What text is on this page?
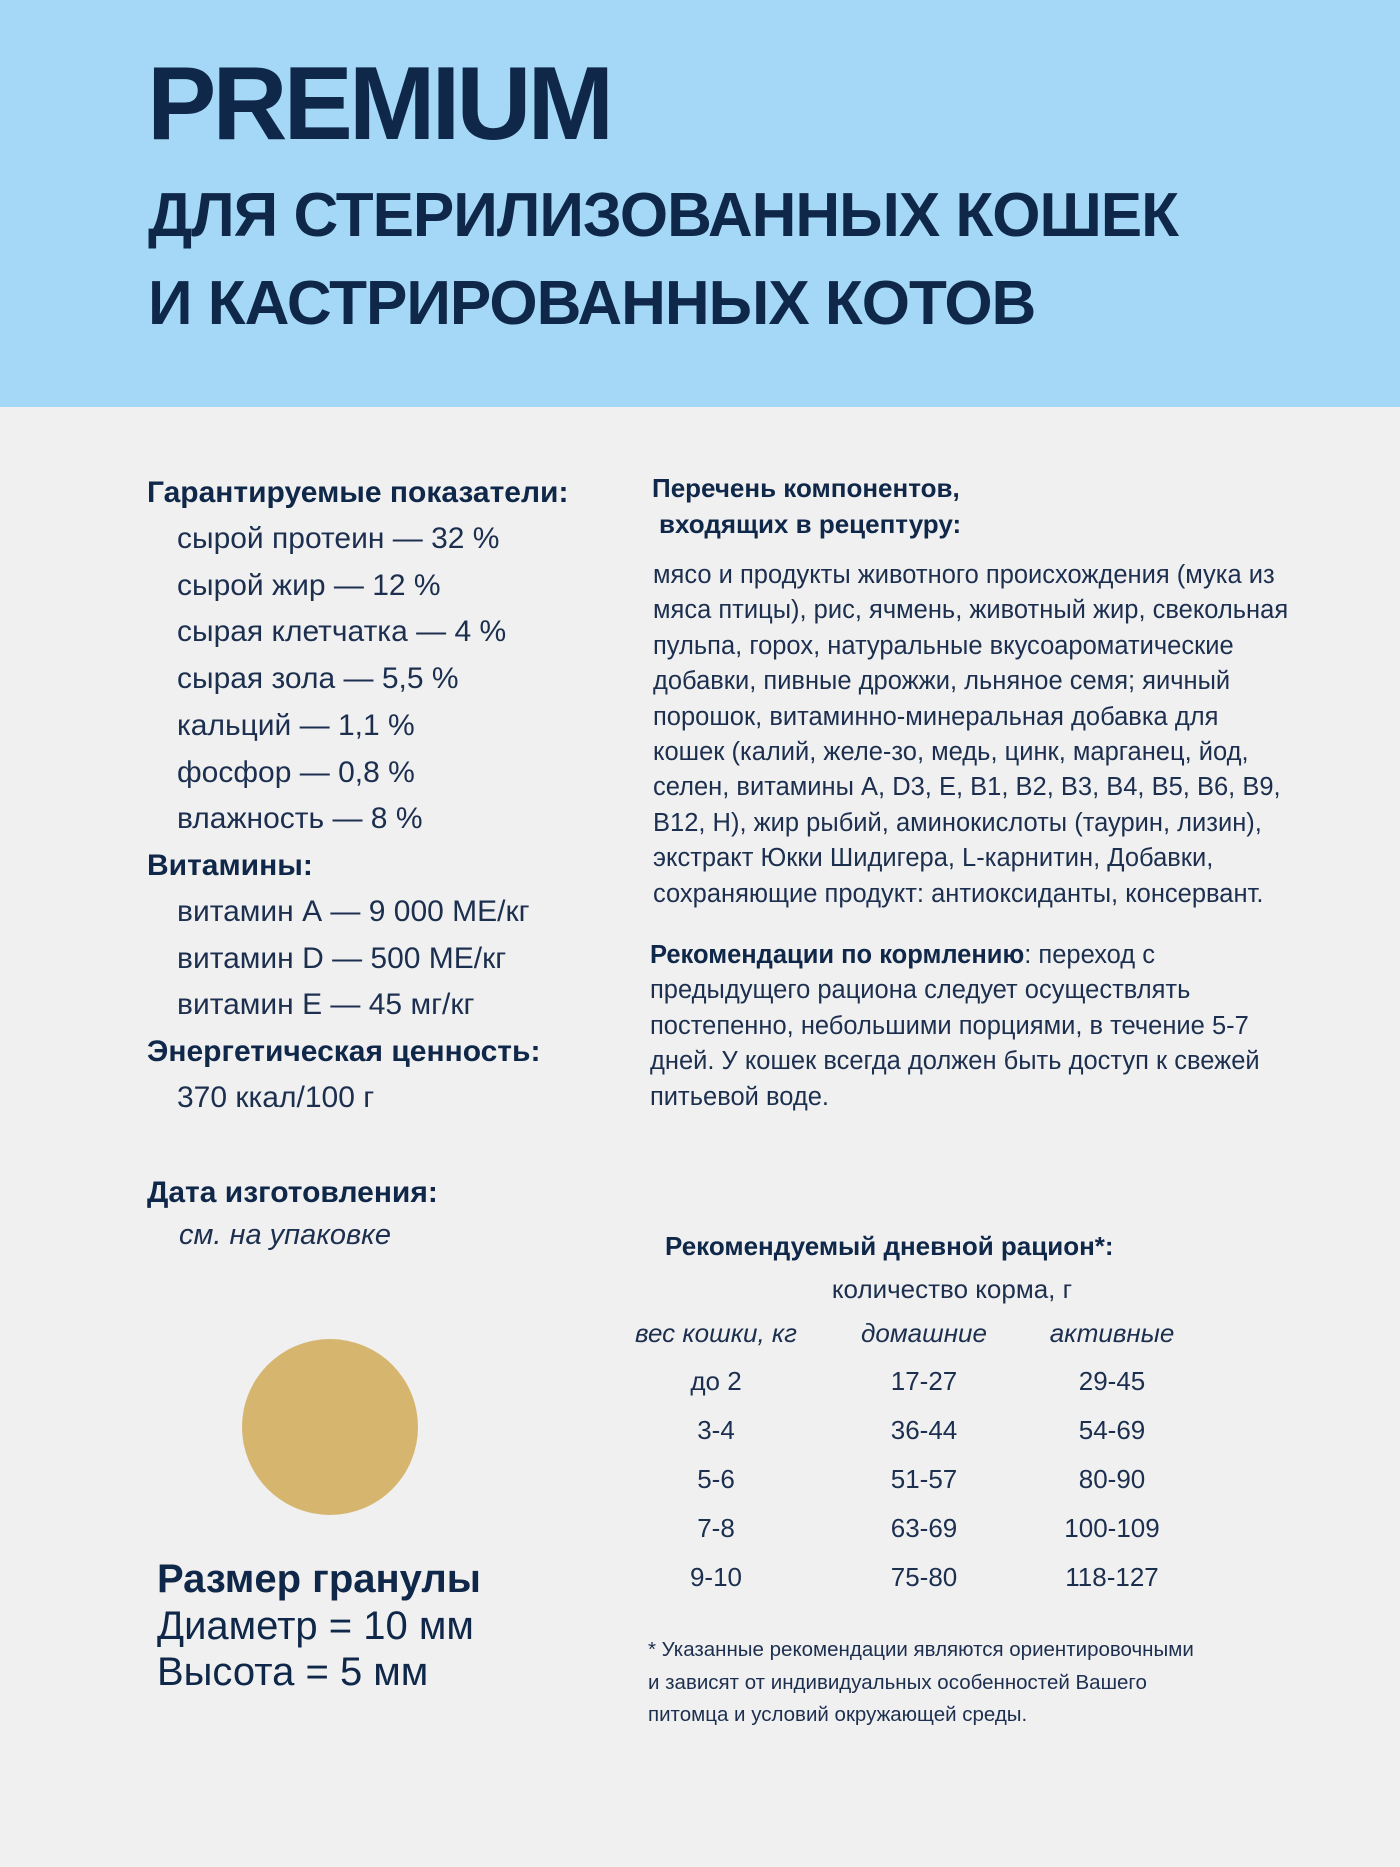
PREMIUM

ДЛЯ СТЕРИЛИЗОВАННЫХ КОШЕК
И КАСТРИРОВАННЫХ КОТОВ

Гарантируемые показатели:

сырой протеин — 32 %
сырой жир — 12 %
сырая клетчатка — 4 %
сырая зола — 5,5 %
кальций — 1,1 %
фосфор — 0,8 %
влажность — 8 %

Витамины:

витамин А — 9 000 МЕ/кг
витамин D — 500 МЕ/кг
витамин Е — 45 мг/кг

Энергетическая ценность:

370 ккал/100 г

Дата изготовления:

см. на упаковке

Размер гранулы

Диаметр = 10 мм

Высота = 5 мм

Перечень компонентов,
входящих в рецептуру:

мясо и продукты животного происхождения (мука из мяса птицы), рис, ячмень, животный жир, свекольная пульпа, горох, натуральные вкусоароматические добавки, пивные дрожжи, льняное семя; яичный порошок, витаминно-минеральная добавка для кошек (калий, желе-зо, медь, цинк, марганец, йод, селен, витамины А, D3, Е, В1, В2, В3, В4, В5, В6, В9, В12, Н), жир рыбий, аминокислоты (таурин, лизин), экстракт Юкки Шидигера, L-карнитин, Добавки, сохраняющие продукт: антиоксиданты, консервант.

Рекомендации по кормлению: переход с предыдущего рациона следует осуществлять постепенно, небольшими порциями, в течение 5-7 дней. У кошек всегда должен быть доступ к свежей питьевой воде.

Рекомендуемый дневной рацион*:

количество корма, г
вес кошки, кг домашние активные
до 2	17-27	29-45
3-4	36-44	54-69
5-6	51-57	80-90
7-8	63-69	100-109
9-10	75-80	118-127

* Указанные рекомендации являются ориентировочными
и зависят от индивидуальных особенностей Вашего
питомца и условий окружающей среды.
